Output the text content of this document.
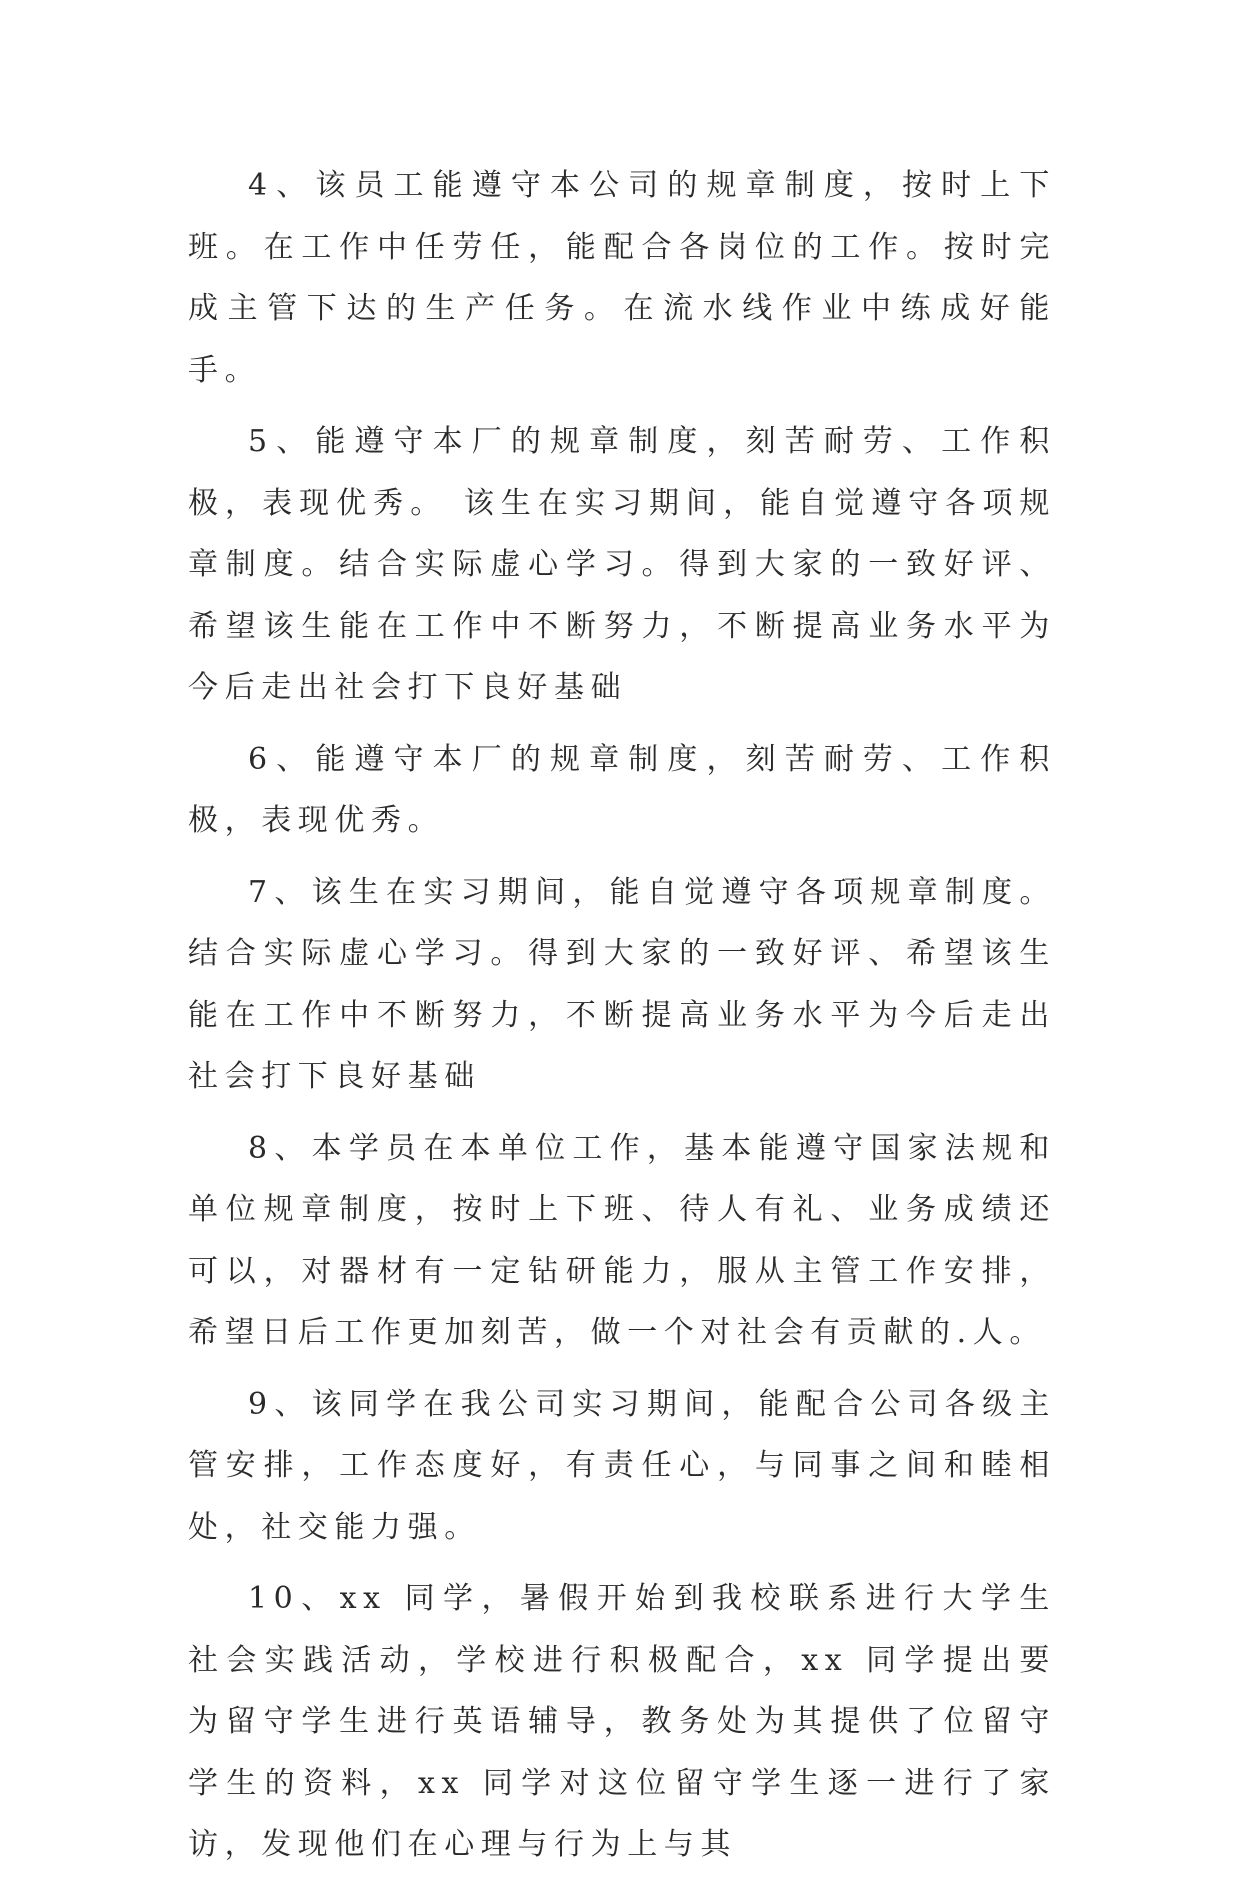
4、该员工能遵守本公司的规章制度，按时上下班。在工作中任劳任，能配合各岗位的工作。按时完成主管下达的生产任务。在流水线作业中练成好能手。

5、能遵守本厂的规章制度，刻苦耐劳、工作积极，表现优秀。 该生在实习期间，能自觉遵守各项规章制度。结合实际虚心学习。得到大家的一致好评、希望该生能在工作中不断努力，不断提高业务水平为今后走出社会打下良好基础

6、能遵守本厂的规章制度，刻苦耐劳、工作积极，表现优秀。

7、该生在实习期间，能自觉遵守各项规章制度。结合实际虚心学习。得到大家的一致好评、希望该生能在工作中不断努力，不断提高业务水平为今后走出社会打下良好基础

8、本学员在本单位工作，基本能遵守国家法规和单位规章制度，按时上下班、待人有礼、业务成绩还可以，对器材有一定钻研能力，服从主管工作安排，希望日后工作更加刻苦，做一个对社会有贡献的.人。

9、该同学在我公司实习期间，能配合公司各级主管安排，工作态度好，有责任心，与同事之间和睦相处，社交能力强。

10、xx 同学，暑假开始到我校联系进行大学生社会实践活动，学校进行积极配合，xx 同学提出要为留守学生进行英语辅导，教务处为其提供了位留守学生的资料，xx 同学对这位留守学生逐一进行了家访，发现他们在心理与行为上与其
